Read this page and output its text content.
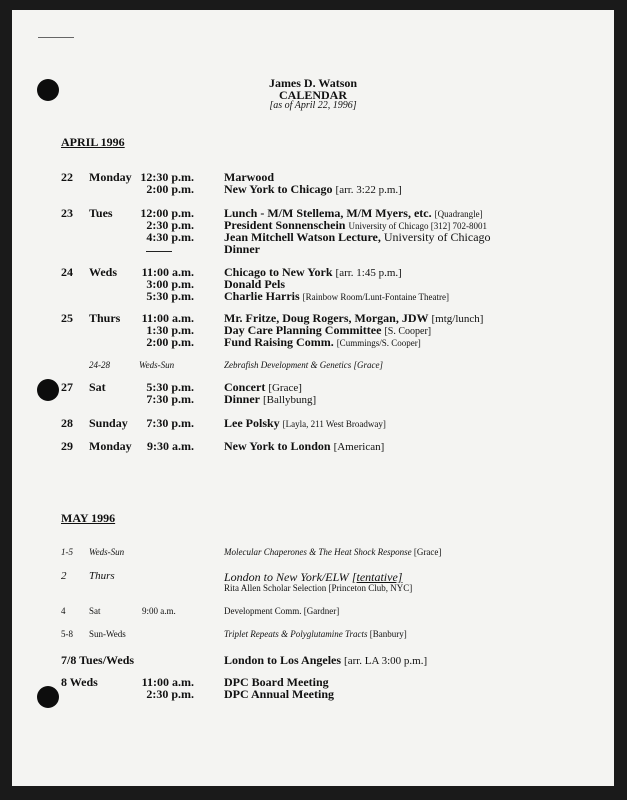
James D. Watson
CALENDAR
[as of April 22, 1996]
APRIL 1996
22 Monday 12:30 p.m.	Marwood
2:00 p.m.	New York to Chicago [arr. 3:22 p.m.]
23 Tues	12:00 p.m.	Lunch - M/M Stellema, M/M Myers, etc. [Quadrangle]
2:30 p.m.	President Sonnenschein University of Chicago [312] 702-8001
4:30 p.m.	Jean Mitchell Watson Lecture, University of Chicago
Dinner
24 Weds	11:00 a.m.	Chicago to New York [arr. 1:45 p.m.]
3:00 p.m.	Donald Pels
5:30 p.m.	Charlie Harris [Rainbow Room/Lunt-Fontaine Theatre]
25 Thurs	11:00 a.m.	Mr. Fritze, Doug Rogers, Morgan, JDW [mtg/lunch]
1:30 p.m.	Day Care Planning Committee [S. Cooper]
2:00 p.m.	Fund Raising Comm. [Cummings/S. Cooper]
24-28	Weds-Sun	Zebrafish Development & Genetics [Grace]
27 Sat	5:30 p.m.	Concert [Grace]
7:30 p.m.	Dinner [Ballybung]
28 Sunday	7:30 p.m.	Lee Polsky [Layla, 211 West Broadway]
29 Monday	9:30 a.m.	New York to London [American]
MAY 1996
1-5 Weds-Sun	Molecular Chaperones & The Heat Shock Response [Grace]
2 Thurs	London to New York/ELW [tentative]
Rita Allen Scholar Selection [Princeton Club, NYC]
4	Sat	9:00 a.m.	Development Comm. [Gardner]
5-8 Sun-Weds	Triplet Repeats & Polyglutamine Tracts [Banbury]
7/8 Tues/Weds	London to Los Angeles [arr. LA 3:00 p.m.]
8 Weds	11:00 a.m.	DPC Board Meeting
2:30 p.m.	DPC Annual Meeting
